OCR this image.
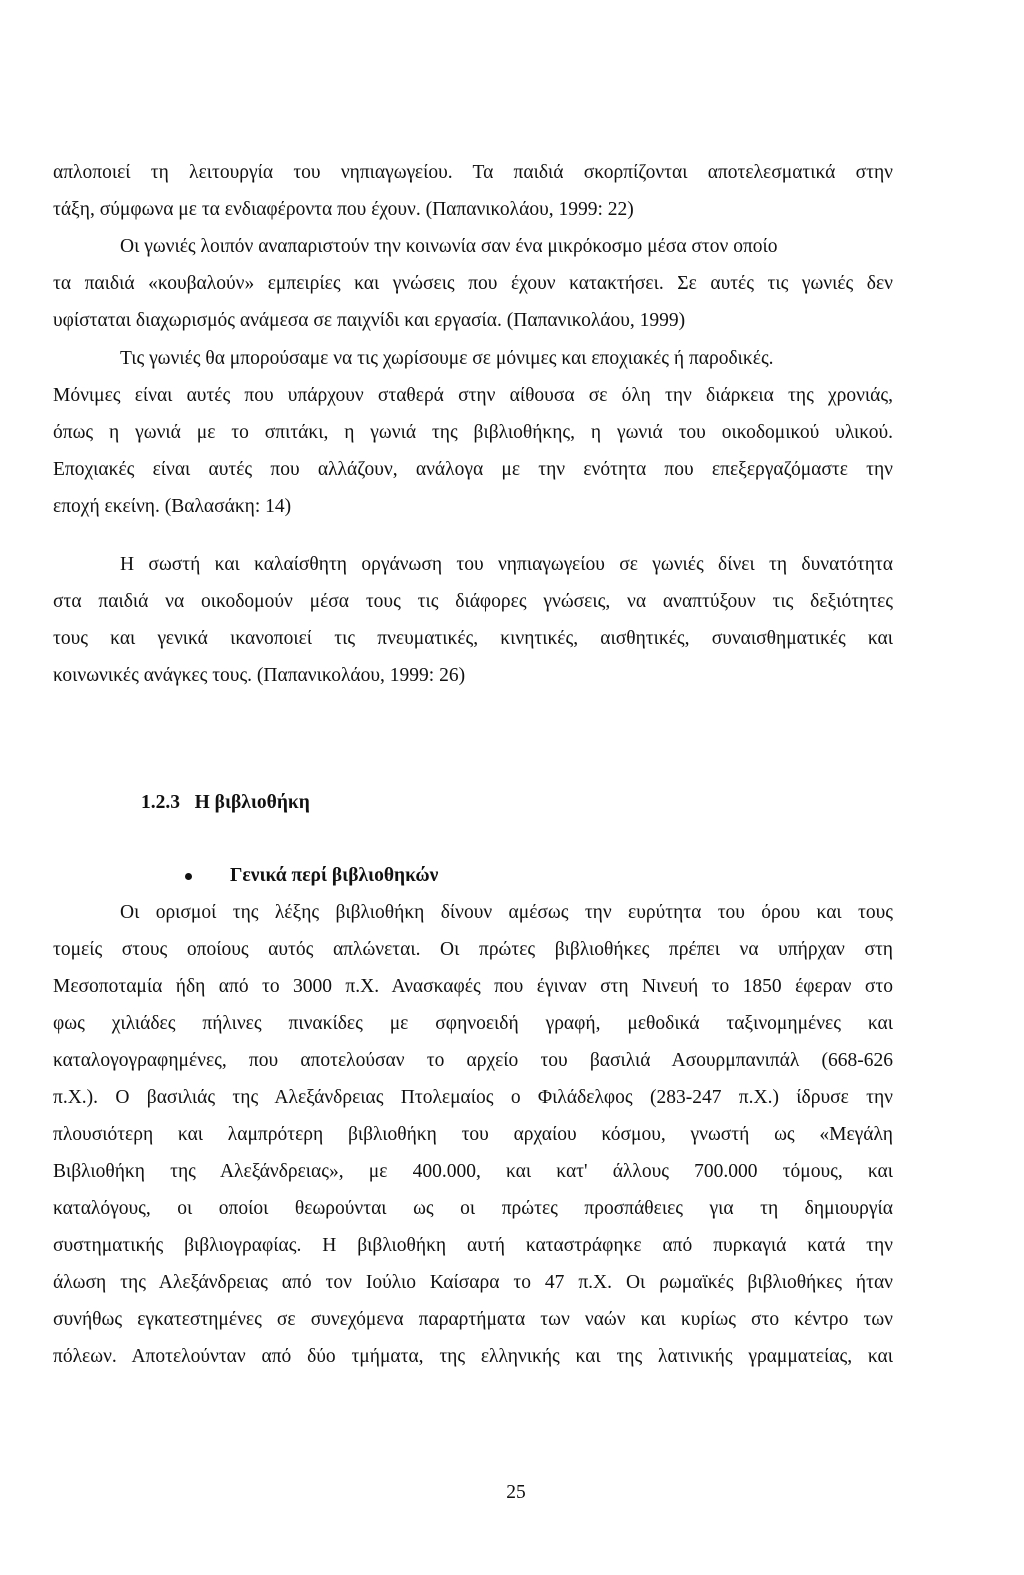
απλοποιεί τη λειτουργία του νηπιαγωγείου. Τα παιδιά σκορπίζονται αποτελεσματικά στην
τάξη, σύμφωνα με τα ενδιαφέροντα που έχουν. (Παπανικολάου, 1999: 22)
Οι γωνιές λοιπόν αναπαριστούν την κοινωνία σαν ένα μικρόκοσμο μέσα στον οποίο
τα παιδιά «κουβαλούν» εμπειρίες και γνώσεις που έχουν κατακτήσει. Σε αυτές τις γωνιές δεν
υφίσταται διαχωρισμός ανάμεσα σε παιχνίδι και εργασία. (Παπανικολάου, 1999)
Τις γωνιές θα μπορούσαμε να τις χωρίσουμε σε μόνιμες και εποχιακές ή παροδικές.
Μόνιμες είναι αυτές που υπάρχουν σταθερά στην αίθουσα σε όλη την διάρκεια της χρονιάς,
όπως η γωνιά με το σπιτάκι, η γωνιά της βιβλιοθήκης, η γωνιά του οικοδομικού υλικού.
Εποχιακές είναι αυτές που αλλάζουν, ανάλογα με την ενότητα που επεξεργαζόμαστε την
εποχή εκείνη. (Βαλασάκη: 14)
Η σωστή και καλαίσθητη οργάνωση του νηπιαγωγείου σε γωνιές δίνει τη δυνατότητα
στα παιδιά να οικοδομούν μέσα τους τις διάφορες γνώσεις, να αναπτύξουν τις δεξιότητες
τους και γενικά ικανοποιεί τις πνευματικές, κινητικές, αισθητικές, συναισθηματικές και
κοινωνικές ανάγκες τους. (Παπανικολάου, 1999: 26)
1.2.3   Η βιβλιοθήκη
Γενικά περί βιβλιοθηκών
Οι ορισμοί της λέξης βιβλιοθήκη δίνουν αμέσως την ευρύτητα του όρου και τους
τομείς στους οποίους αυτός απλώνεται. Οι πρώτες βιβλιοθήκες πρέπει να υπήρχαν στη
Μεσοποταμία ήδη από το 3000 π.Χ. Ανασκαφές που έγιναν στη Νινευή το 1850 έφεραν στο
φως χιλιάδες πήλινες πινακίδες με σφηνοειδή γραφή, μεθοδικά ταξινομημένες και
καταλογογραφημένες, που αποτελούσαν το αρχείο του βασιλιά Ασουρμπανιπάλ (668-626
π.Χ.). Ο βασιλιάς της Αλεξάνδρειας Πτολεμαίος ο Φιλάδελφος (283-247 π.Χ.) ίδρυσε την
πλουσιότερη και λαμπρότερη βιβλιοθήκη του αρχαίου κόσμου, γνωστή ως «Μεγάλη
Βιβλιοθήκη της Αλεξάνδρειας», με 400.000, και κατ' άλλους 700.000 τόμους, και
καταλόγους, οι οποίοι θεωρούνται ως οι πρώτες προσπάθειες για τη δημιουργία
συστηματικής βιβλιογραφίας. Η βιβλιοθήκη αυτή καταστράφηκε από πυρκαγιά κατά την
άλωση της Αλεξάνδρειας από τον Ιούλιο Καίσαρα το 47 π.Χ. Οι ρωμαϊκές βιβλιοθήκες ήταν
συνήθως εγκατεστημένες σε συνεχόμενα παραρτήματα των ναών και κυρίως στο κέντρο των
πόλεων. Αποτελούνταν από δύο τμήματα, της ελληνικής και της λατινικής γραμματείας, και
25
